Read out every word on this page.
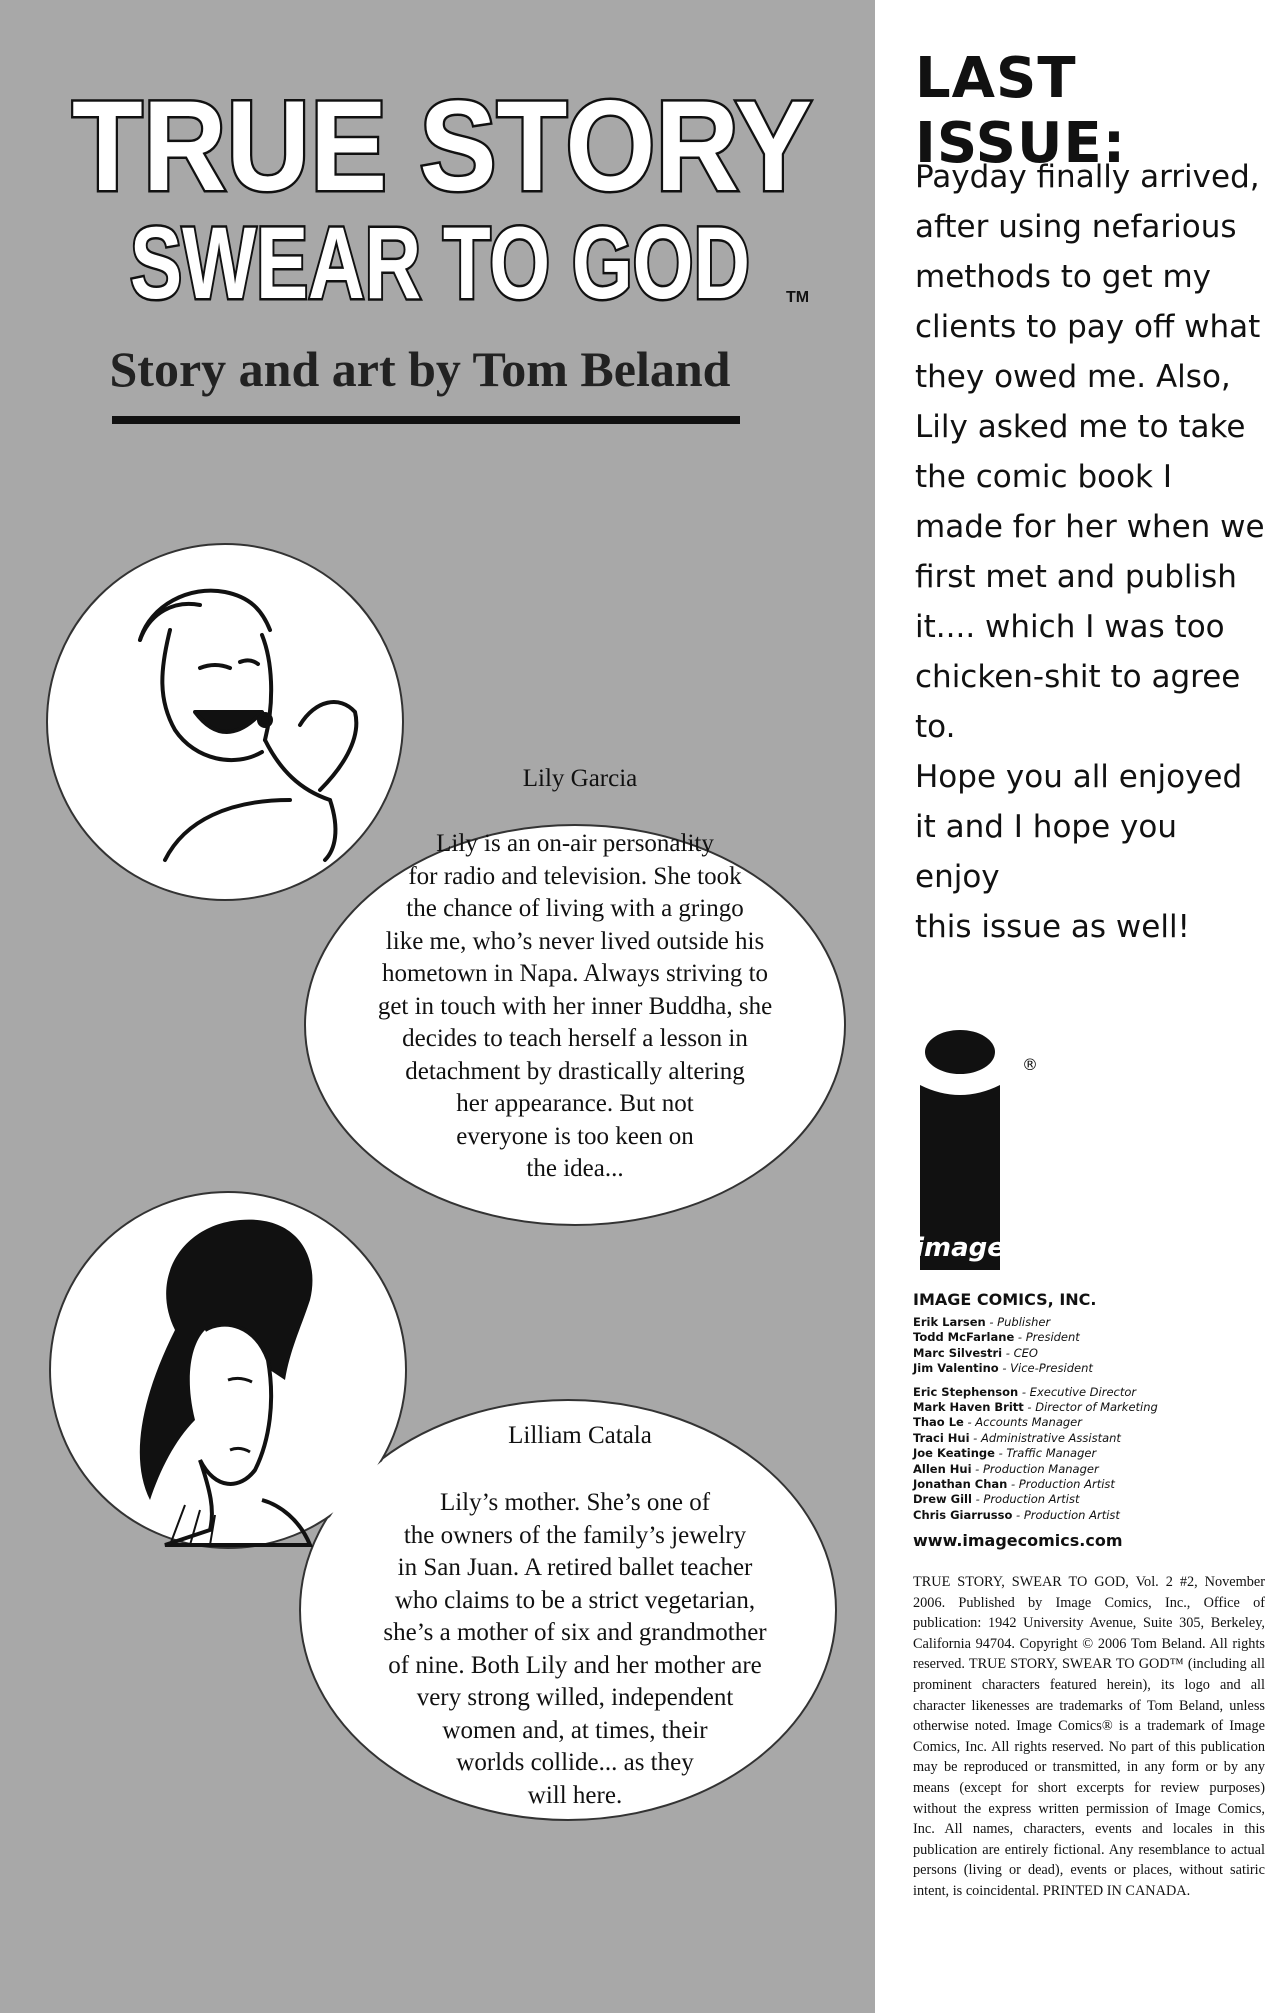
TRUE STORY
SWEAR TO GOD TM
Story and art by Tom Beland
Lily Garcia
Lily is an on-air personality
for radio and television. She took
the chance of living with a gringo
like me, who’s never lived outside his
hometown in Napa. Always striving to
get in touch with her inner Buddha, she
decides to teach herself a lesson in
detachment by drastically altering
her appearance. But not
everyone is too keen on
the idea...
Lilliam Catala
Lily’s mother. She’s one of
the owners of the family’s jewelry
in San Juan. A retired ballet teacher
who claims to be a strict vegetarian,
she’s a mother of six and grandmother
of nine. Both Lily and her mother are
very strong willed, independent
women and, at times, their
worlds collide... as they
will here.
LAST ISSUE:
Payday finally arrived,
after using nefarious
methods to get my
clients to pay off what
they owed me. Also,
Lily asked me to take
the comic book I
made for her when we
first met and publish
it.... which I was too
chicken-shit to agree to.
Hope you all enjoyed
it and I hope you enjoy
this issue as well!
image
®
IMAGE COMICS, INC.
Erik Larsen - Publisher
Todd McFarlane - President
Marc Silvestri - CEO
Jim Valentino - Vice-President
Eric Stephenson - Executive Director
Mark Haven Britt - Director of Marketing
Thao Le - Accounts Manager
Traci Hui - Administrative Assistant
Joe Keatinge - Traffic Manager
Allen Hui - Production Manager
Jonathan Chan - Production Artist
Drew Gill - Production Artist
Chris Giarrusso - Production Artist
www.imagecomics.com
TRUE STORY, SWEAR TO GOD, Vol. 2 #2, November 2006. Published by Image Comics, Inc., Office of publication: 1942 University Avenue, Suite 305, Berkeley, California 94704. Copyright © 2006 Tom Beland. All rights reserved. TRUE STORY, SWEAR TO GOD™ (including all prominent characters featured herein), its logo and all character likenesses are trademarks of Tom Beland, unless otherwise noted. Image Comics® is a trademark of Image Comics, Inc. All rights reserved. No part of this publication may be reproduced or transmitted, in any form or by any means (except for short excerpts for review purposes) without the express written permission of Image Comics, Inc. All names, characters, events and locales in this publication are entirely fictional. Any resemblance to actual persons (living or dead), events or places, without satiric intent, is coincidental. PRINTED IN CANADA.
